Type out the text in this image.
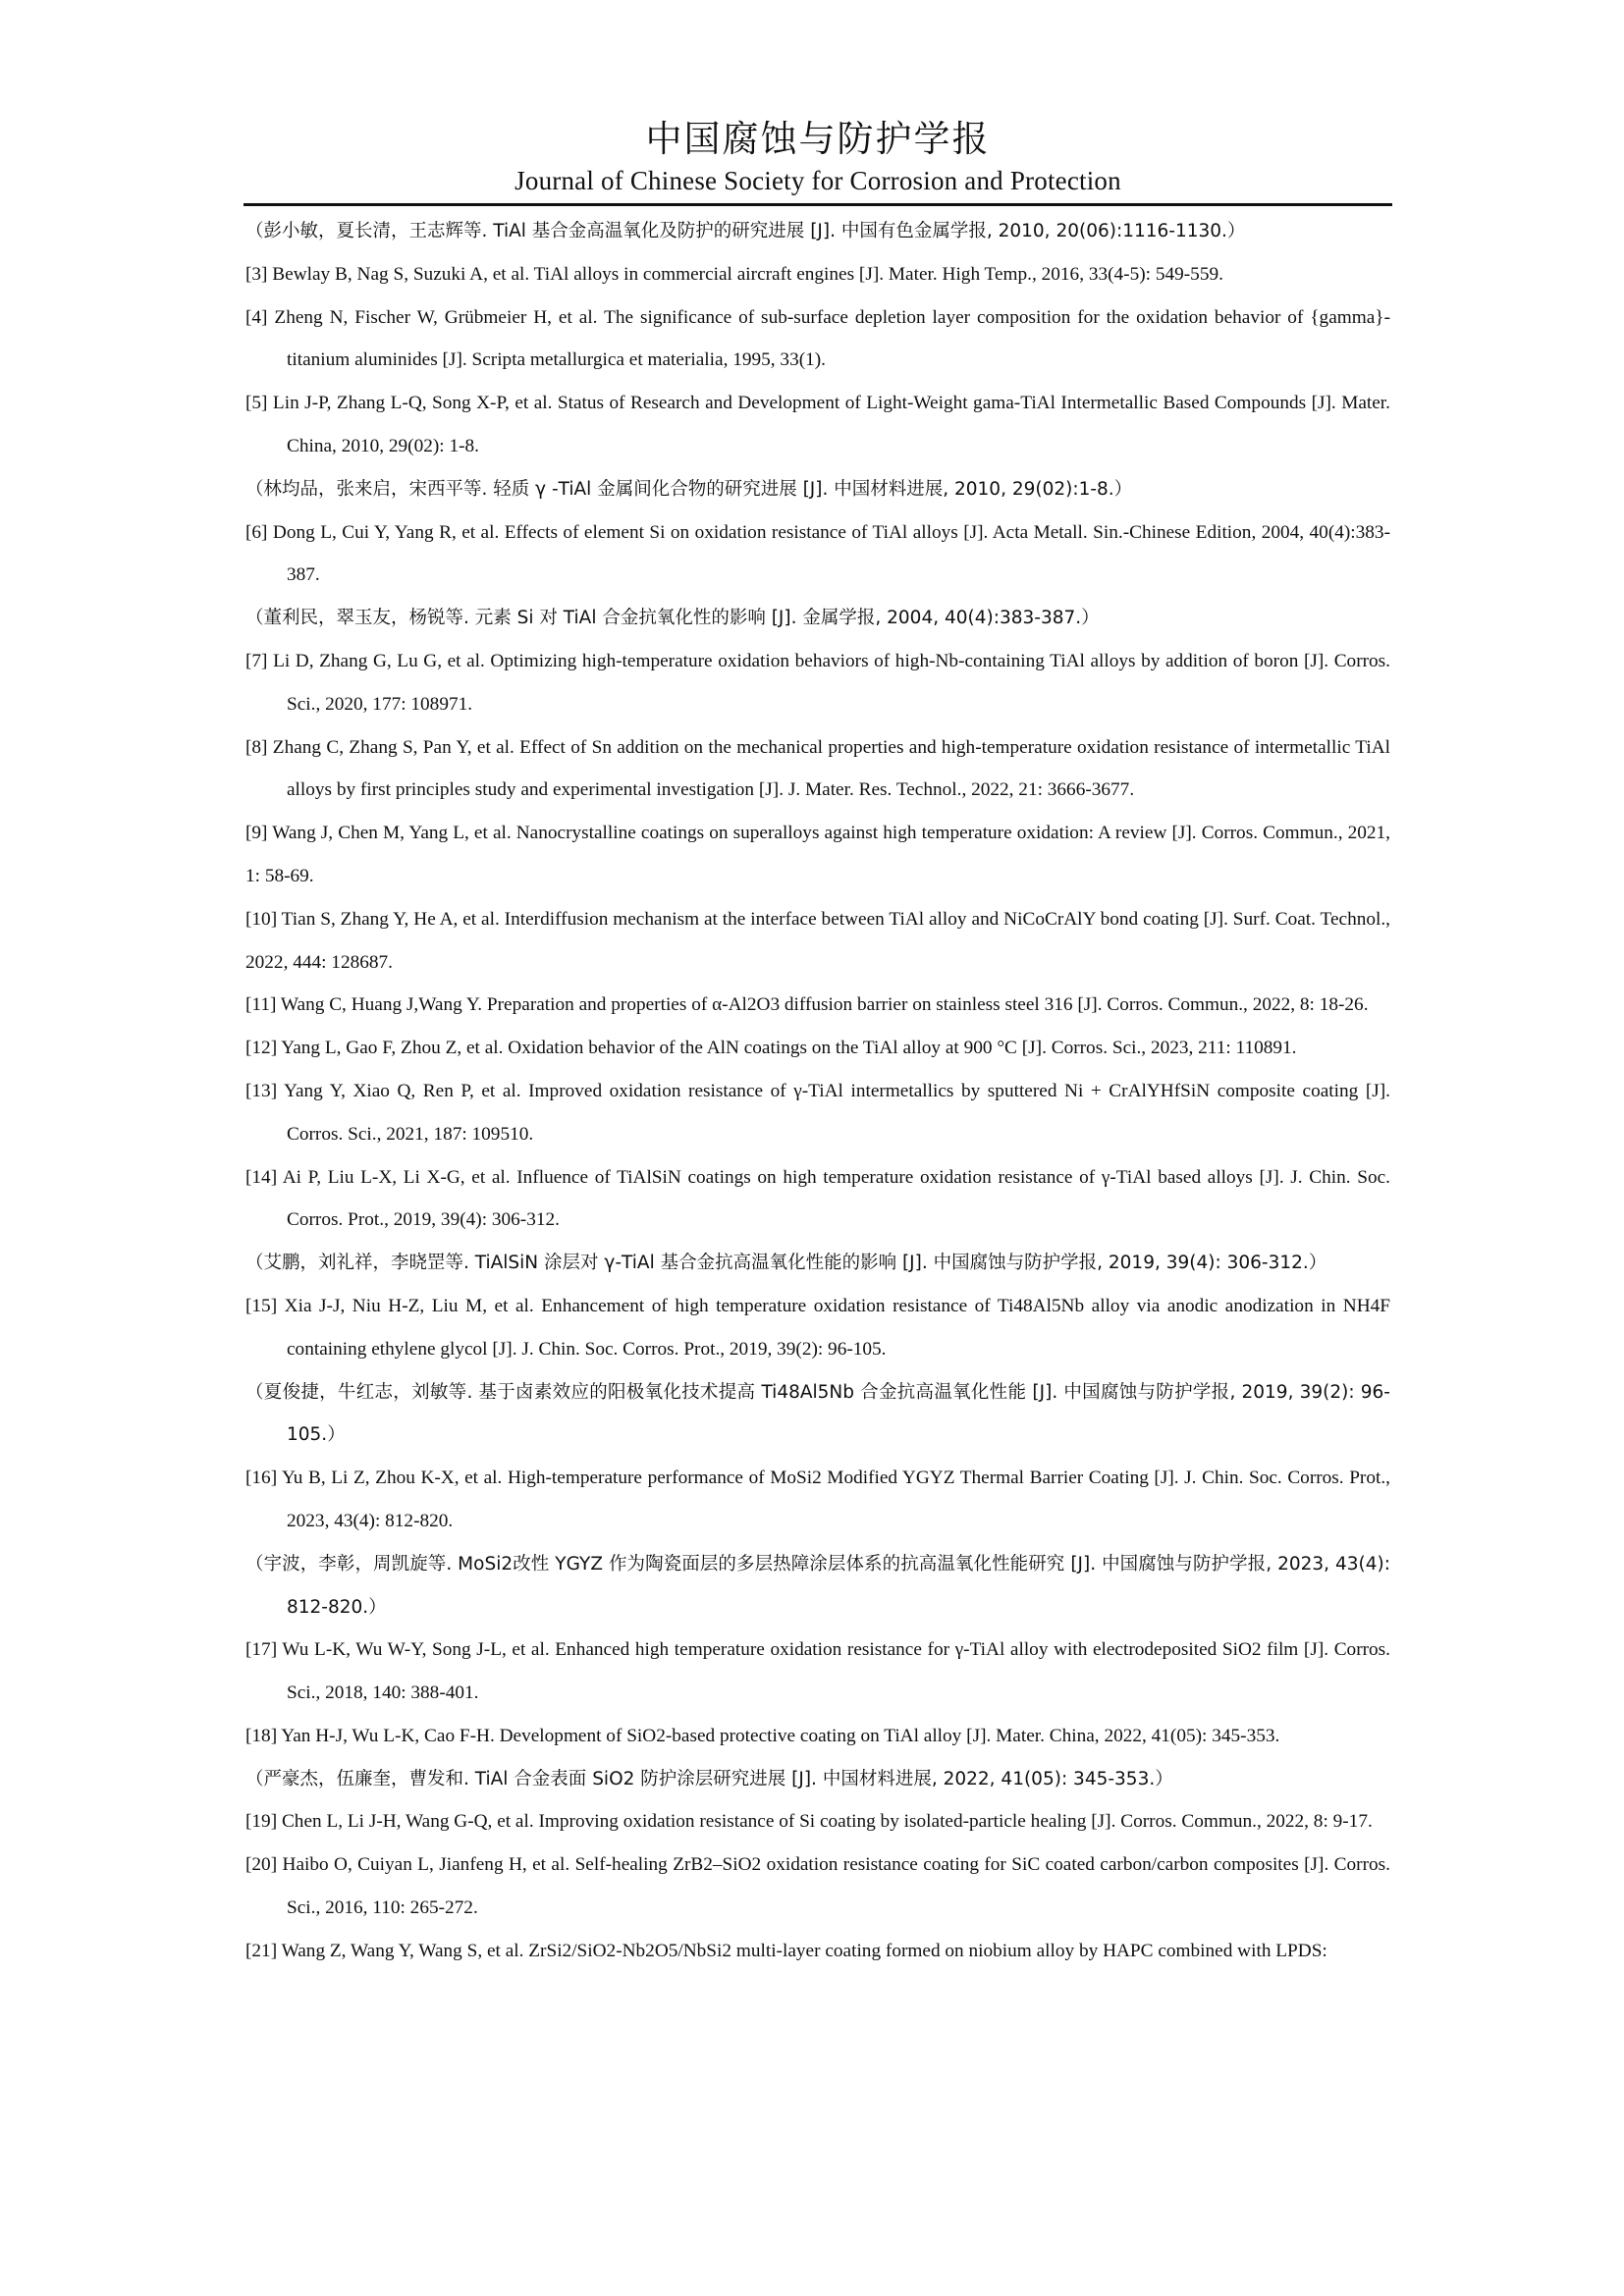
中国腐蚀与防护学报
Journal of Chinese Society for Corrosion and Protection
（彭小敏，夏长清，王志辉等. TiAl 基合金高温氧化及防护的研究进展 [J]. 中国有色金属学报, 2010, 20(06):1116-1130.）
[3] Bewlay B, Nag S, Suzuki A, et al. TiAl alloys in commercial aircraft engines [J]. Mater. High Temp., 2016, 33(4-5): 549-559.
[4] Zheng N, Fischer W, Grübmeier H, et al. The significance of sub-surface depletion layer composition for the oxidation behavior of {gamma}-titanium aluminides [J]. Scripta metallurgica et materialia, 1995, 33(1).
[5] Lin J-P, Zhang L-Q, Song X-P, et al. Status of Research and Development of Light-Weight gama-TiAl Intermetallic Based Compounds [J]. Mater. China, 2010, 29(02): 1-8.
（林均品，张来启，宋西平等. 轻质 γ -TiAl 金属间化合物的研究进展 [J]. 中国材料进展, 2010, 29(02):1-8.）
[6] Dong L, Cui Y, Yang R, et al. Effects of element Si on oxidation resistance of TiAl alloys [J]. Acta Metall. Sin.-Chinese Edition, 2004, 40(4):383-387.
（董利民，翠玉友，杨锐等. 元素 Si 对 TiAl 合金抗氧化性的影响 [J]. 金属学报, 2004, 40(4):383-387.）
[7] Li D, Zhang G, Lu G, et al. Optimizing high-temperature oxidation behaviors of high-Nb-containing TiAl alloys by addition of boron [J]. Corros. Sci., 2020, 177: 108971.
[8] Zhang C, Zhang S, Pan Y, et al. Effect of Sn addition on the mechanical properties and high-temperature oxidation resistance of intermetallic TiAl alloys by first principles study and experimental investigation [J]. J. Mater. Res. Technol., 2022, 21: 3666-3677.
[9] Wang J, Chen M, Yang L, et al. Nanocrystalline coatings on superalloys against high temperature oxidation: A review [J]. Corros. Commun., 2021, 1: 58-69.
[10] Tian S, Zhang Y, He A, et al. Interdiffusion mechanism at the interface between TiAl alloy and NiCoCrAlY bond coating [J]. Surf. Coat. Technol., 2022, 444: 128687.
[11] Wang C, Huang J,Wang Y. Preparation and properties of α-Al2O3 diffusion barrier on stainless steel 316 [J]. Corros. Commun., 2022, 8: 18-26.
[12] Yang L, Gao F, Zhou Z, et al. Oxidation behavior of the AlN coatings on the TiAl alloy at 900 °C [J]. Corros. Sci., 2023, 211: 110891.
[13] Yang Y, Xiao Q, Ren P, et al. Improved oxidation resistance of γ-TiAl intermetallics by sputtered Ni + CrAlYHfSiN composite coating [J]. Corros. Sci., 2021, 187: 109510.
[14] Ai P, Liu L-X, Li X-G, et al. Influence of TiAlSiN coatings on high temperature oxidation resistance of γ-TiAl based alloys [J]. J. Chin. Soc. Corros. Prot., 2019, 39(4): 306-312.
（艾鹏，刘礼祥，李晓罡等. TiAlSiN 涂层对 γ-TiAl 基合金抗高温氧化性能的影响 [J]. 中国腐蚀与防护学报, 2019, 39(4): 306-312.）
[15] Xia J-J, Niu H-Z, Liu M, et al. Enhancement of high temperature oxidation resistance of Ti48Al5Nb alloy via anodic anodization in NH4F containing ethylene glycol [J]. J. Chin. Soc. Corros. Prot., 2019, 39(2): 96-105.
（夏俊捷，牛红志，刘敏等. 基于卤素效应的阳极氧化技术提高 Ti48Al5Nb 合金抗高温氧化性能 [J]. 中国腐蚀与防护学报, 2019, 39(2): 96-105.）
[16] Yu B, Li Z, Zhou K-X, et al. High-temperature performance of MoSi2 Modified YGYZ Thermal Barrier Coating [J]. J. Chin. Soc. Corros. Prot., 2023, 43(4): 812-820.
（宇波，李彰，周凯旋等. MoSi2改性 YGYZ 作为陶瓷面层的多层热障涂层体系的抗高温氧化性能研究 [J]. 中国腐蚀与防护学报, 2023, 43(4): 812-820.）
[17] Wu L-K, Wu W-Y, Song J-L, et al. Enhanced high temperature oxidation resistance for γ-TiAl alloy with electrodeposited SiO2 film [J]. Corros. Sci., 2018, 140: 388-401.
[18] Yan H-J, Wu L-K, Cao F-H. Development of SiO2-based protective coating on TiAl alloy [J]. Mater. China, 2022, 41(05): 345-353.
（严豪杰，伍廉奎，曹发和. TiAl 合金表面 SiO2 防护涂层研究进展 [J]. 中国材料进展, 2022, 41(05): 345-353.）
[19] Chen L, Li J-H, Wang G-Q, et al. Improving oxidation resistance of Si coating by isolated-particle healing [J]. Corros. Commun., 2022, 8: 9-17.
[20] Haibo O, Cuiyan L, Jianfeng H, et al. Self-healing ZrB2–SiO2 oxidation resistance coating for SiC coated carbon/carbon composites [J]. Corros. Sci., 2016, 110: 265-272.
[21] Wang Z, Wang Y, Wang S, et al. ZrSi2/SiO2-Nb2O5/NbSi2 multi-layer coating formed on niobium alloy by HAPC combined with LPDS:
